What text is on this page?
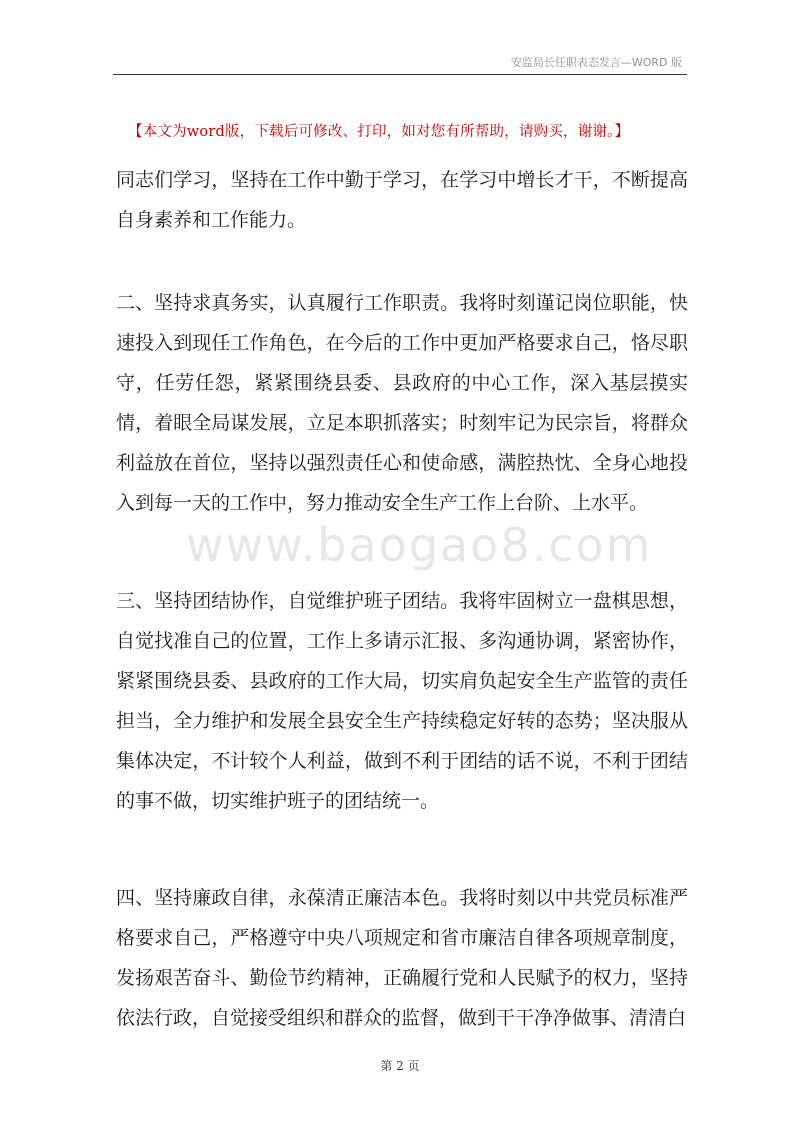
安监局长任职表态发言—WORD 版
【本文为word版，下载后可修改、打印，如对您有所帮助，请购买，谢谢。】

同志们学习，坚持在工作中勤于学习，在学习中增长才干，不断提高自身素养和工作能力。

二、坚持求真务实，认真履行工作职责。我将时刻谨记岗位职能，快速投入到现任工作角色，在今后的工作中更加严格要求自己，恪尽职守，任劳任怨，紧紧围绕县委、县政府的中心工作，深入基层摸实情，着眼全局谋发展，立足本职抓落实；时刻牢记为民宗旨，将群众利益放在首位，坚持以强烈责任心和使命感，满腔热忱、全身心地投入到每一天的工作中，努力推动安全生产工作上台阶、上水平。

www.baogao8.com

三、坚持团结协作，自觉维护班子团结。我将牢固树立一盘棋思想，自觉找准自己的位置，工作上多请示汇报、多沟通协调，紧密协作，紧紧围绕县委、县政府的工作大局，切实肩负起安全生产监管的责任担当，全力维护和发展全县安全生产持续稳定好转的态势；坚决服从集体决定，不计较个人利益，做到不利于团结的话不说，不利于团结的事不做，切实维护班子的团结统一。

四、坚持廉政自律，永葆清正廉洁本色。我将时刻以中共党员标准严格要求自己，严格遵守中央八项规定和省市廉洁自律各项规章制度，发扬艰苦奋斗、勤俭节约精神，正确履行党和人民赋予的权力，坚持依法行政，自觉接受组织和群众的监督，做到干干净净做事、清清白

第 2 页
